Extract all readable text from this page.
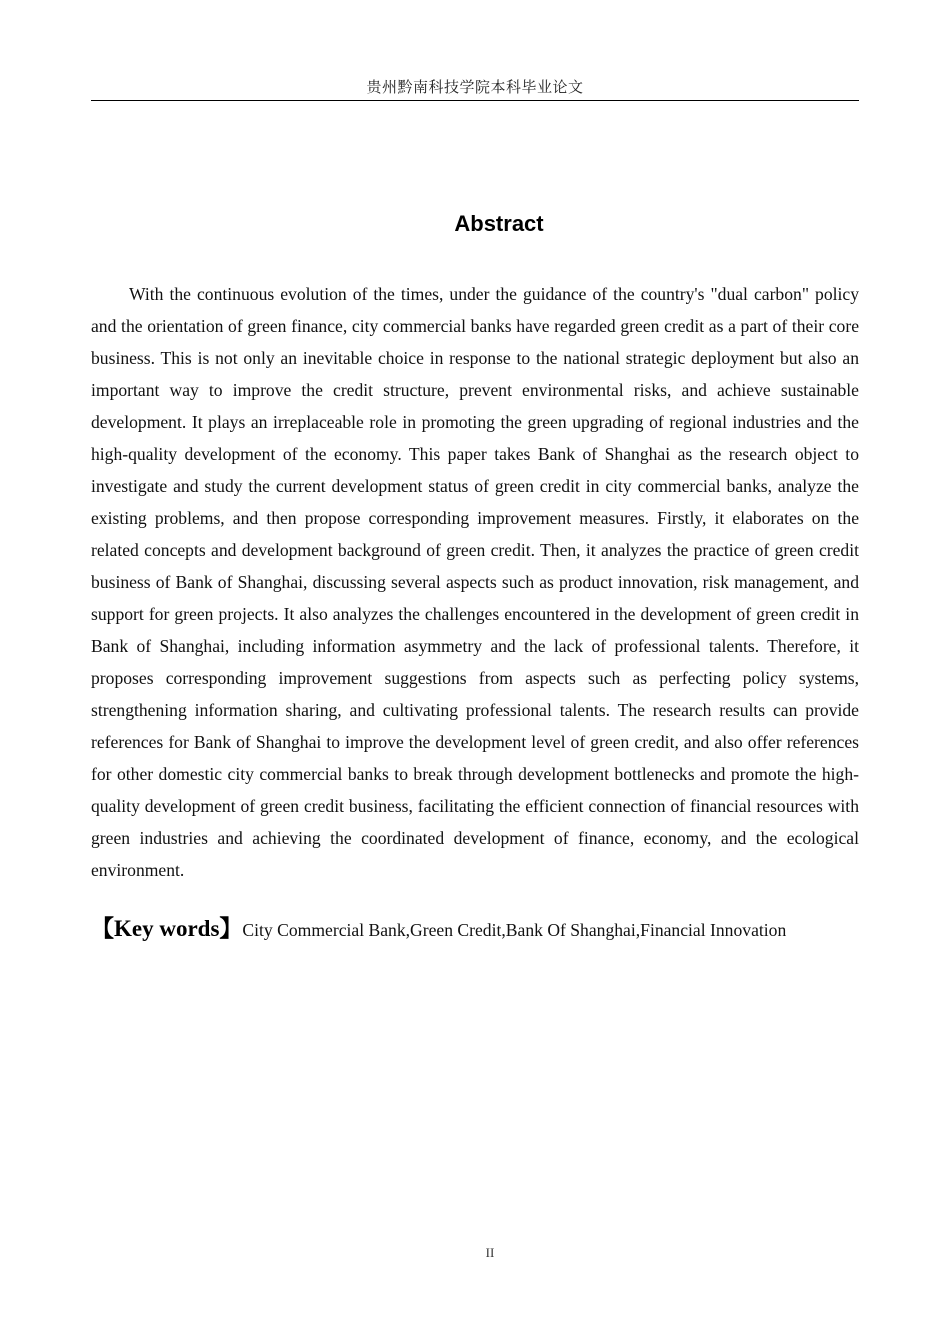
贵州黔南科技学院本科毕业论文
Abstract

With the continuous evolution of the times, under the guidance of the country's "dual carbon" policy and the orientation of green finance, city commercial banks have regarded green credit as a part of their core business. This is not only an inevitable choice in response to the national strategic deployment but also an important way to improve the credit structure, prevent environmental risks, and achieve sustainable development. It plays an irreplaceable role in promoting the green upgrading of regional industries and the high-quality development of the economy. This paper takes Bank of Shanghai as the research object to investigate and study the current development status of green credit in city commercial banks, analyze the existing problems, and then propose corresponding improvement measures. Firstly, it elaborates on the related concepts and development background of green credit. Then, it analyzes the practice of green credit business of Bank of Shanghai, discussing several aspects such as product innovation, risk management, and support for green projects. It also analyzes the challenges encountered in the development of green credit in Bank of Shanghai, including information asymmetry and the lack of professional talents. Therefore, it proposes corresponding improvement suggestions from aspects such as perfecting policy systems, strengthening information sharing, and cultivating professional talents. The research results can provide references for Bank of Shanghai to improve the development level of green credit, and also offer references for other domestic city commercial banks to break through development bottlenecks and promote the high-quality development of green credit business, facilitating the efficient connection of financial resources with green industries and achieving the coordinated development of finance, economy, and the ecological environment.

【Key words】City Commercial Bank,Green Credit,Bank Of Shanghai,Financial Innovation

II
